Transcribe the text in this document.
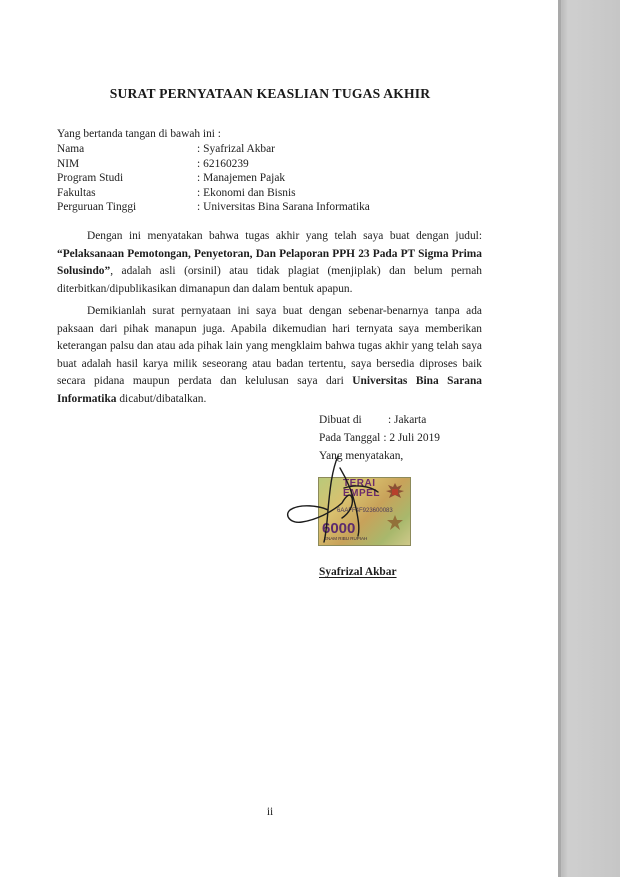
SURAT PERNYATAAN KEASLIAN TUGAS AKHIR
Yang bertanda tangan di bawah ini :
Nama	: Syafrizal Akbar
NIM	: 62160239
Program Studi	: Manajemen Pajak
Fakultas	: Ekonomi dan Bisnis
Perguruan Tinggi	: Universitas Bina Sarana Informatika

Dengan ini menyatakan bahwa tugas akhir yang telah saya buat dengan judul: “Pelaksanaan Pemotongan, Penyetoran, Dan Pelaporan PPH 23 Pada PT Sigma Prima Solusindo”, adalah asli (orsinil) atau tidak plagiat (menjiplak) dan belum pernah diterbitkan/dipublikasikan dimanapun dan dalam bentuk apapun.

Demikianlah surat pernyataan ini saya buat dengan sebenar-benarnya tanpa ada paksaan dari pihak manapun juga. Apabila dikemudian hari ternyata saya memberikan keterangan palsu dan atau ada pihak lain yang mengklaim bahwa tugas akhir yang telah saya buat adalah hasil karya milik seseorang atau badan tertentu, saya bersedia diproses baik secara pidana maupun perdata dan kelulusan saya dari Universitas Bina Sarana Informatika dicabut/dibatalkan.

Dibuat di	: Jakarta
Pada Tanggal : 2 Juli 2019
Yang menyatakan,
TERAI
EMPEL
6AAFF4F923600083
6000
ENAM RIBU RUPIAH
Syafrizal Akbar
ii
